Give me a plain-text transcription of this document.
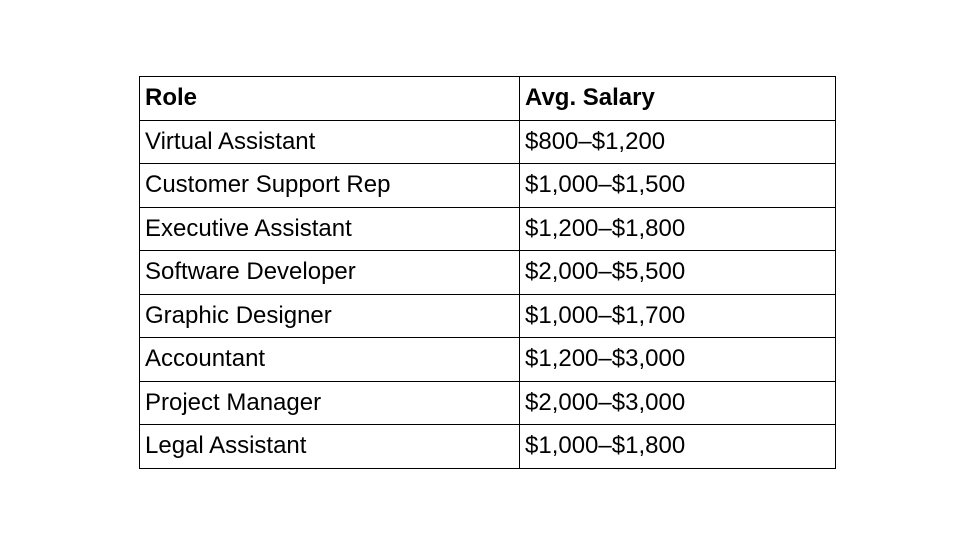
Role	Avg. Salary
Virtual Assistant	$800–$1,200
Customer Support Rep	$1,000–$1,500
Executive Assistant	$1,200–$1,800
Software Developer	$2,000–$5,500
Graphic Designer	$1,000–$1,700
Accountant	$1,200–$3,000
Project Manager	$2,000–$3,000
Legal Assistant	$1,000–$1,800
